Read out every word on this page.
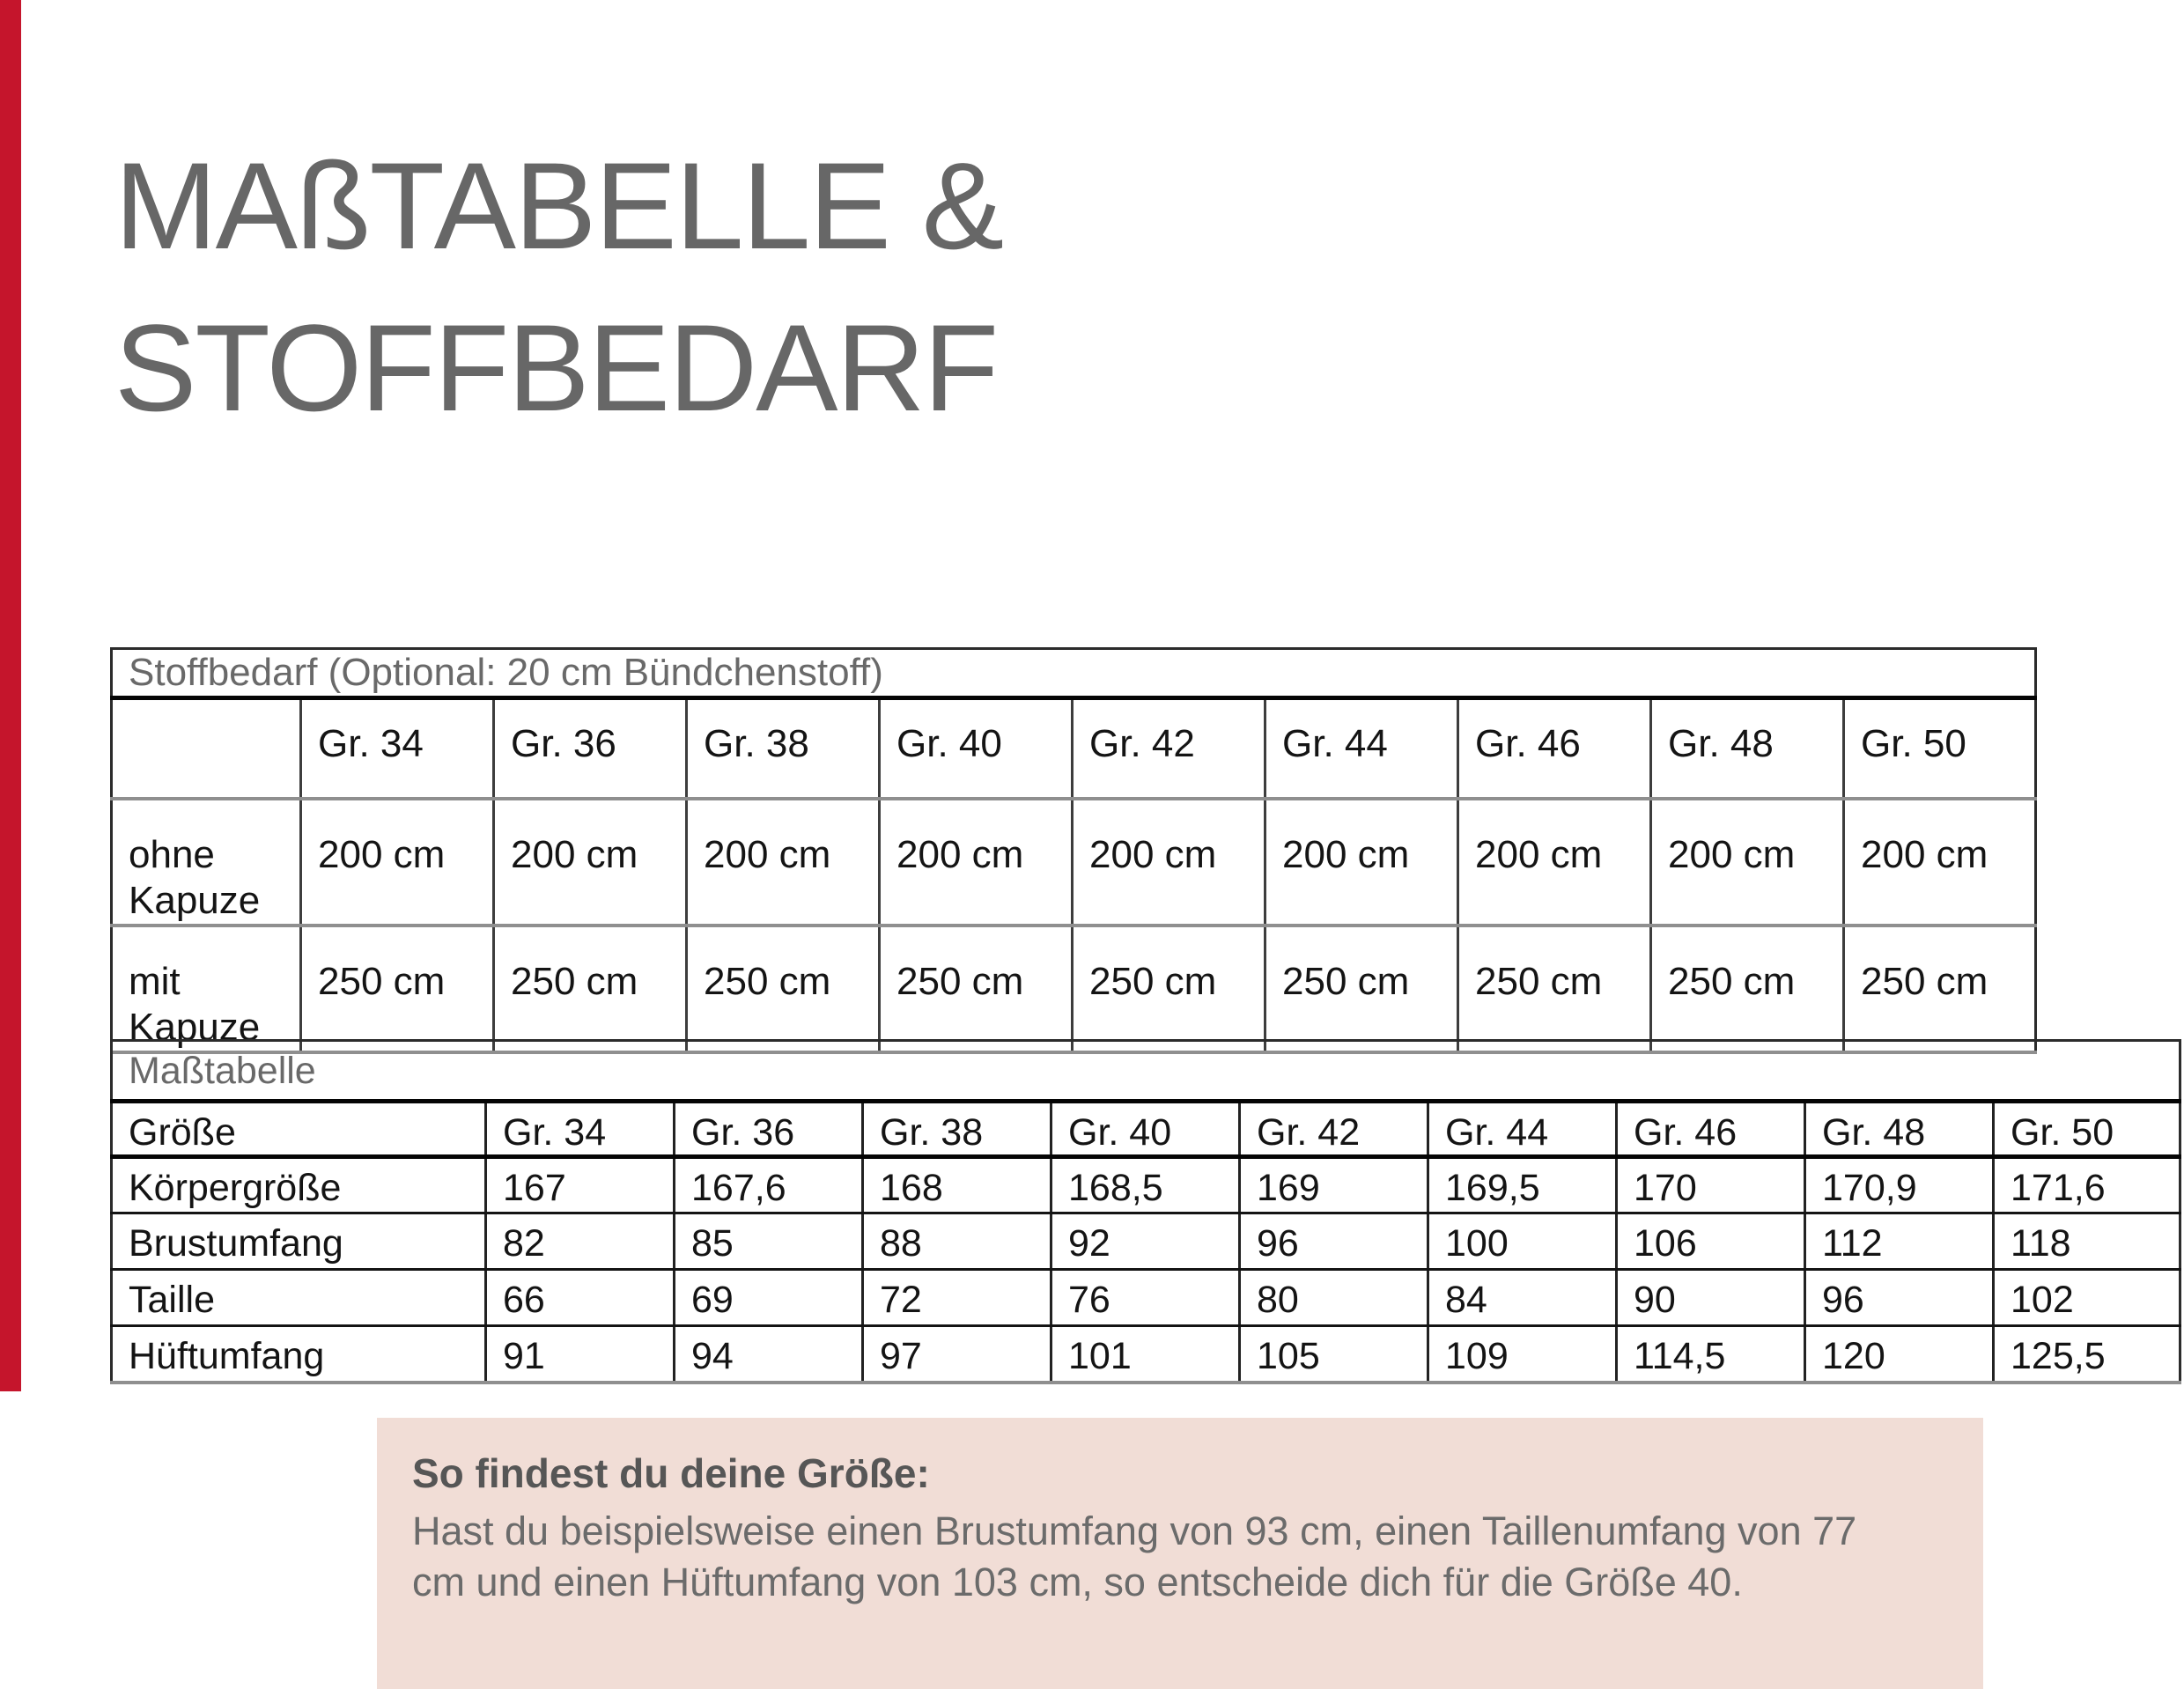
MAßTABELLE &
STOFFBEDARF
Stoffbedarf (Optional: 20 cm Bündchenstoff)									
	Gr. 34	Gr. 36	Gr. 38	Gr. 40	Gr. 42	Gr. 44	Gr. 46	Gr. 48	Gr. 50
ohne Kapuze	200 cm	200 cm	200 cm	200 cm	200 cm	200 cm	200 cm	200 cm	200 cm
mit Kapuze	250 cm	250 cm	250 cm	250 cm	250 cm	250 cm	250 cm	250 cm	250 cm
Maßtabelle									
Größe	Gr. 34	Gr. 36	Gr. 38	Gr. 40	Gr. 42	Gr. 44	Gr. 46	Gr. 48	Gr. 50
Körpergröße	167	167,6	168	168,5	169	169,5	170	170,9	171,6
Brustumfang	82	85	88	92	96	100	106	112	118
Taille	66	69	72	76	80	84	90	96	102
Hüftumfang	91	94	97	101	105	109	114,5	120	125,5
So findest du deine Größe:
Hast du beispielsweise einen Brustumfang von 93 cm, einen Taillenumfang von 77
cm und einen Hüftumfang von 103 cm, so entscheide dich für die Größe 40.
